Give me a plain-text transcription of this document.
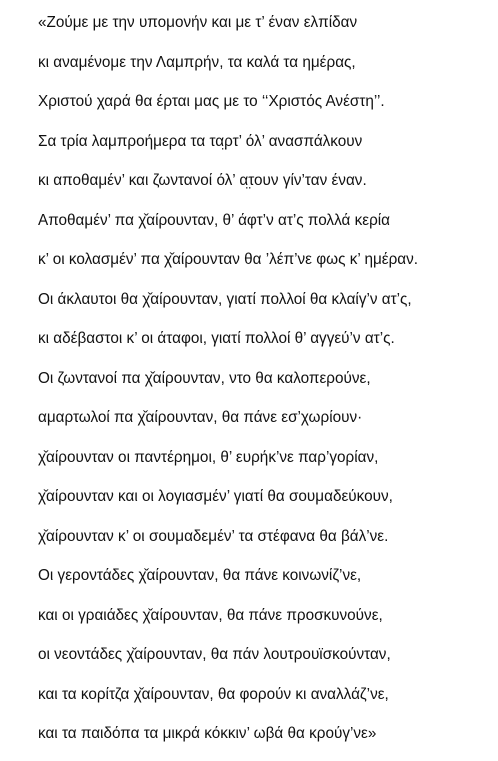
«Ζούμε με την υπομονήν και με τ’ έναν ελπίδαν
κι αναμένομε την Λαμπρήν, τα καλά τα ημέρας,
Χριστού χαρά θα έρται μας με το ‘‘Χριστός Ανέστη’’.
Σα τρία λαμπροήμερα τα τα̤ρτ’ όλ’ ανασπάλκουν
κι αποθαμέν’ και ζωντανοί όλ’ α̤τουν γίν’ταν έναν.
Αποθαμέν’ πα χ̌αίρουνταν, θ’ άφτ’ν ατ’ς πολλά κερία
κ’ οι κολασμέν’ πα χ̌αίρουνταν θα ’λέπ’νε φως κ’ ημέραν.
Οι άκλαυτοι θα χ̌αίρουνταν, γιατί πολλοί θα κλαίγ’ν ατ’ς,
κι αδέβαστοι κ’ οι άταφοι, γιατί πολλοί θ’ αγγεύ’ν ατ’ς.
Οι ζωντανοί πα χ̌αίρουνταν, ντο θα καλοπερούνε,
αμαρτωλοί πα χ̌αίρουνταν, θα πάνε εσ’χωρίουν·
χ̌αίρουνταν οι παντέρημοι, θ’ ευρήκ’νε παρ’γορίαν,
χ̌αίρουνταν και οι λογιασμέν’ γιατί θα σουμαδεύκουν,
χ̌αίρουνταν κ’ οι σουμαδεμέν’ τα στέφανα θα βάλ’νε.
Οι γεροντάδες χ̌αίρουνταν, θα πάνε κοινωνίζ’νε,
και οι γραιάδες χ̌αίρουνταν, θα πάνε προσκυνούνε,
οι νεοντάδες χ̌αίρουνταν, θα πάν λουτρουϊσκούνταν,
και τα κορίτζα χ̌αίρουνταν, θα φορούν κι αναλλάζ’νε,
και τα παιδόπα τα μικρά κόκκιν’ ωβά θα κρούγ’νε»
